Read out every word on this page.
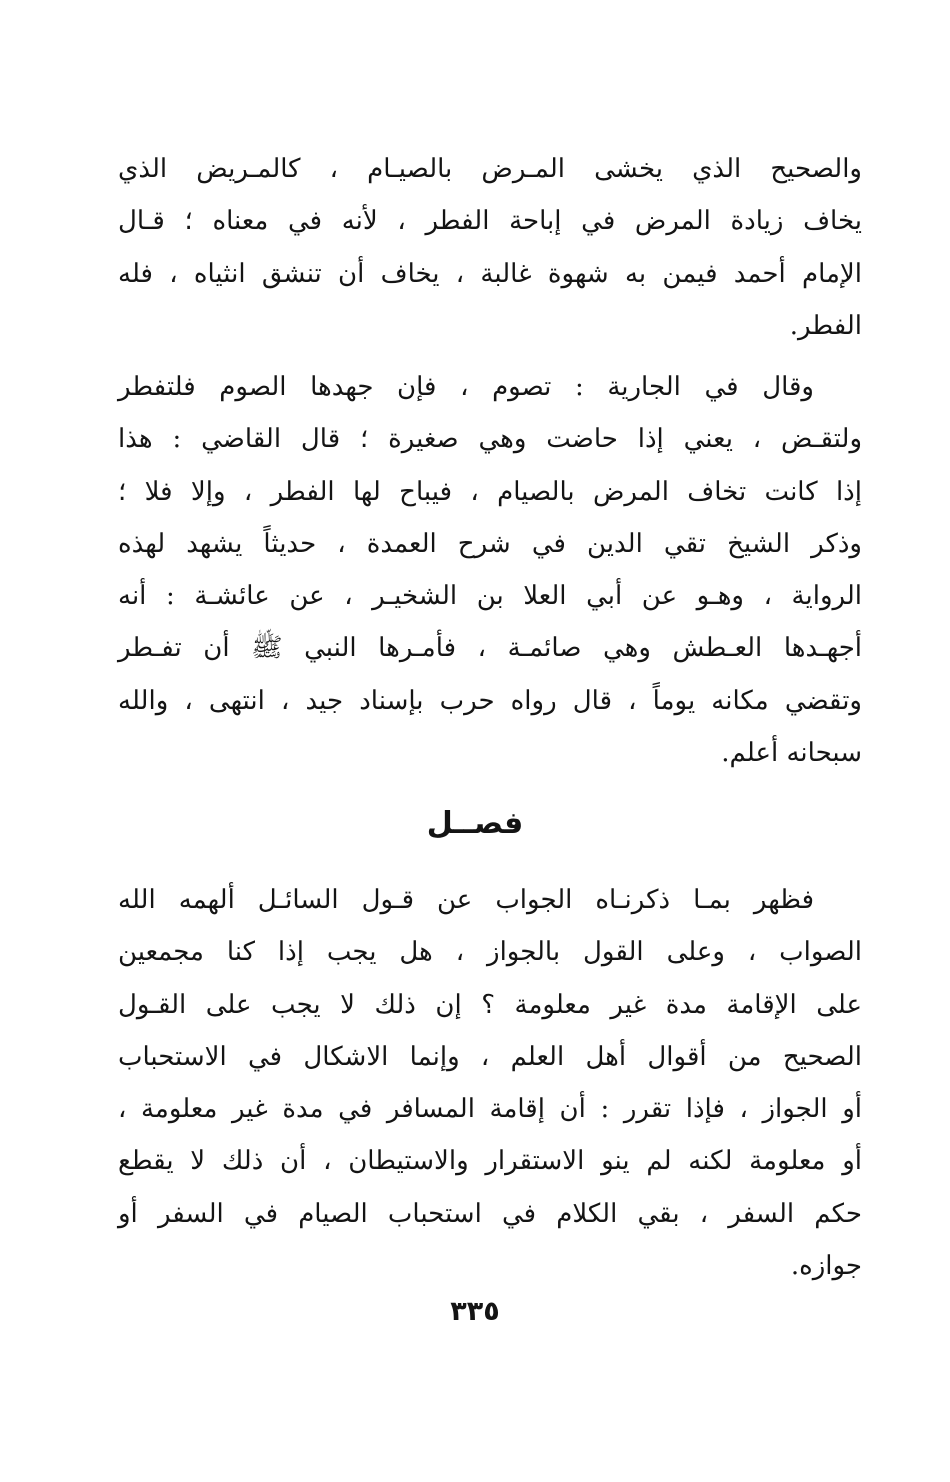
والصحيح الذي يخشى المـرض بالصيـام ، كالمـريض الذي
يخاف زيادة المرض في إباحة الفطر ، لأنه في معناه ؛ قـال
الإمام أحمد فيمن به شهوة غالبة ، يخاف أن تنشق انثياه ، فله
الفطر.
وقال في الجارية : تصوم ، فإن جهدها الصوم فلتفطر
ولتقـض ، يعني إذا حاضت وهي صغيرة ؛ قال القاضي : هذا
إذا كانت تخاف المرض بالصيام ، فيباح لها الفطر ، وإلا فلا ؛
وذكر الشيخ تقي الدين في شرح العمدة ، حديثاً يشهد لهذه
الرواية ، وهـو عن أبي العلا بن الشخيـر ، عن عائشـة : أنه
أجهـدها العـطش وهي صائمـة ، فأمـرها النبي ﷺ أن تفـطر
وتقضي مكانه يوماً ، قال رواه حرب بإسناد جيد ، انتهى ، والله
سبحانه أعلم.
فصــل
فظهر بمـا ذكرنـاه الجواب عن قـول السائـل ألهمه الله
الصواب ، وعلى القول بالجواز ، هل يجب إذا كنا مجمعين
على الإقامة مدة غير معلومة ؟ إن ذلك لا يجب على القـول
الصحيح من أقوال أهل العلم ، وإنما الاشكال في الاستحباب
أو الجواز ، فإذا تقرر : أن إقامة المسافر في مدة غير معلومة ،
أو معلومة لكنه لم ينو الاستقرار والاستيطان ، أن ذلك لا يقطع
حكم السفر ، بقي الكلام في استحباب الصيام في السفر أو
جوازه.
٣٣٥
